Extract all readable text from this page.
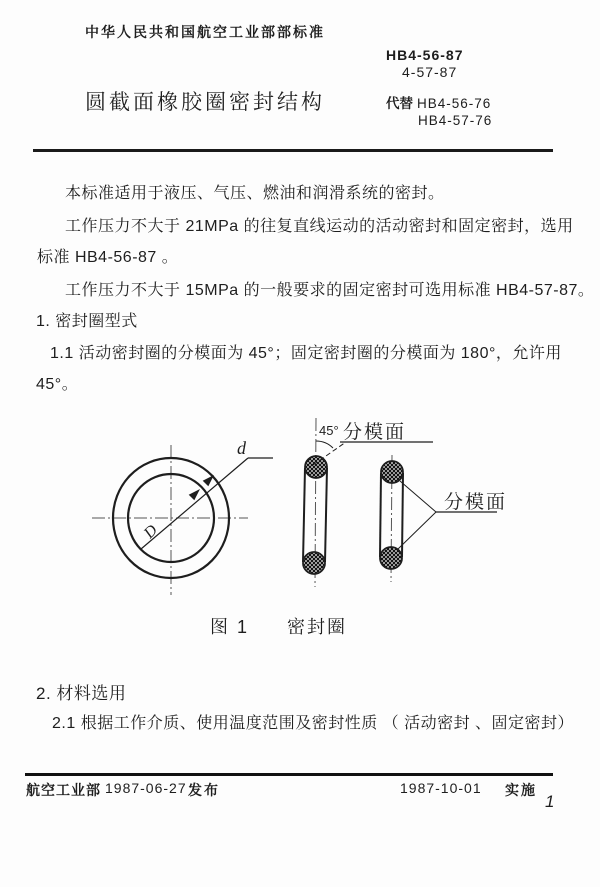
中华人民共和国航空工业部部标准
HB4-56-87
4-57-87
圆截面橡胶圈密封结构	代替 HB4-56-76
HB4-57-76
本标准适用于液压、气压、燃油和润滑系统的密封。
工作压力不大于 21MPa 的往复直线运动的活动密封和固定密封，选用
标准 HB4-56-87 。
工作压力不大于 15MPa 的一般要求的固定密封可选用标准 HB4-57-87。
1. 密封圈型式
1.1 活动密封圈的分模面为 45°；固定密封圈的分模面为 180°，允许用
45°。
d
D
45° 分模面
分模面
图 1 密封圈
2. 材料选用
2.1 根据工作介质、使用温度范围及密封性质 （ 活动密封 、固定密封）
航空工业部 1987-06-27 发布	1987-10-01 实施
1
